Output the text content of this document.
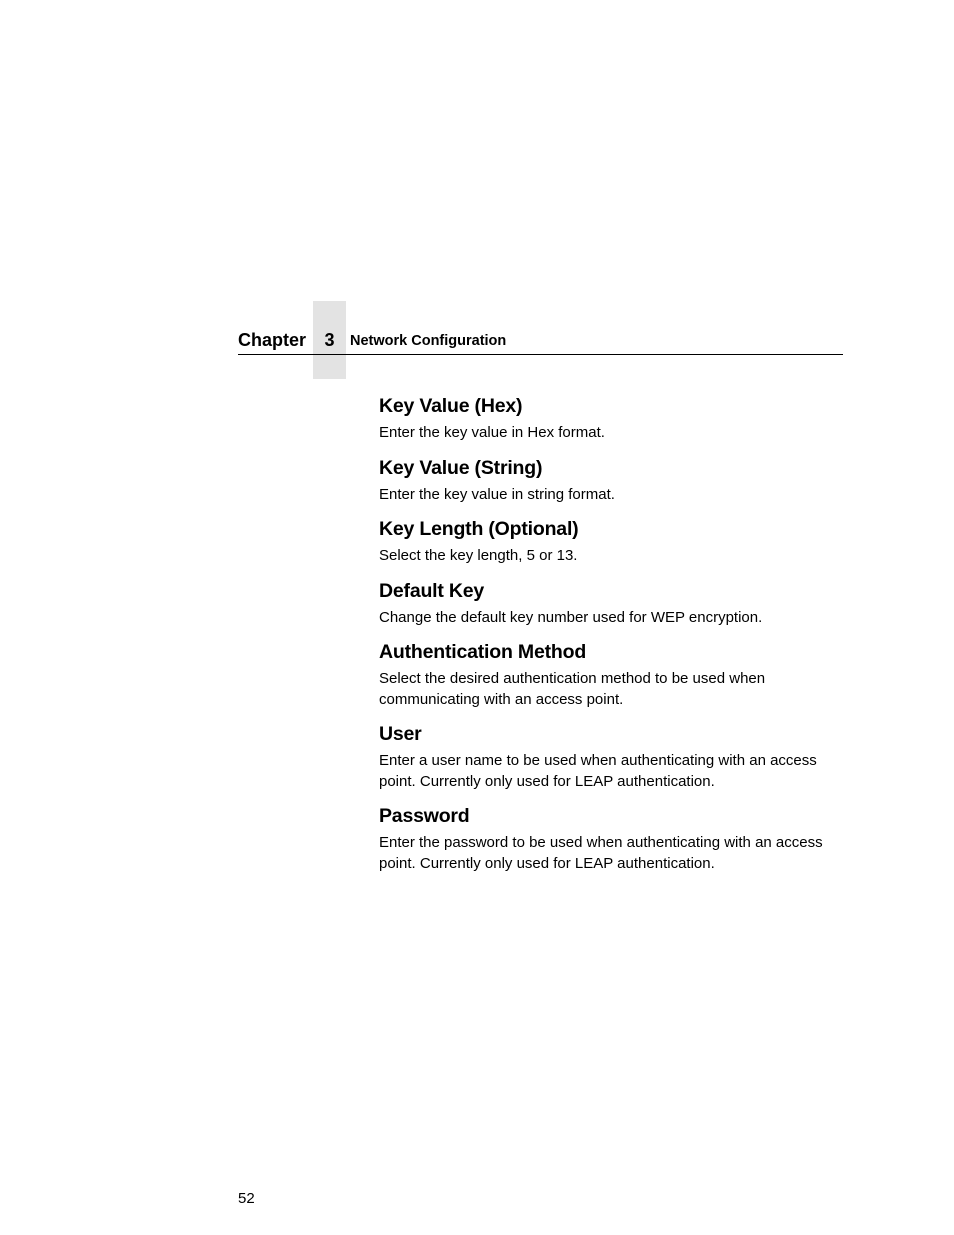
Chapter	3	Network Configuration
Key Value (Hex)

Enter the key value in Hex format.

Key Value (String)

Enter the key value in string format.

Key Length (Optional)

Select the key length, 5 or 13.

Default Key

Change the default key number used for WEP encryption.

Authentication Method

Select the desired authentication method to be used when communicating with an access point.

User

Enter a user name to be used when authenticating with an access point. Currently only used for LEAP authentication.

Password

Enter the password to be used when authenticating with an access point. Currently only used for LEAP authentication.

52
